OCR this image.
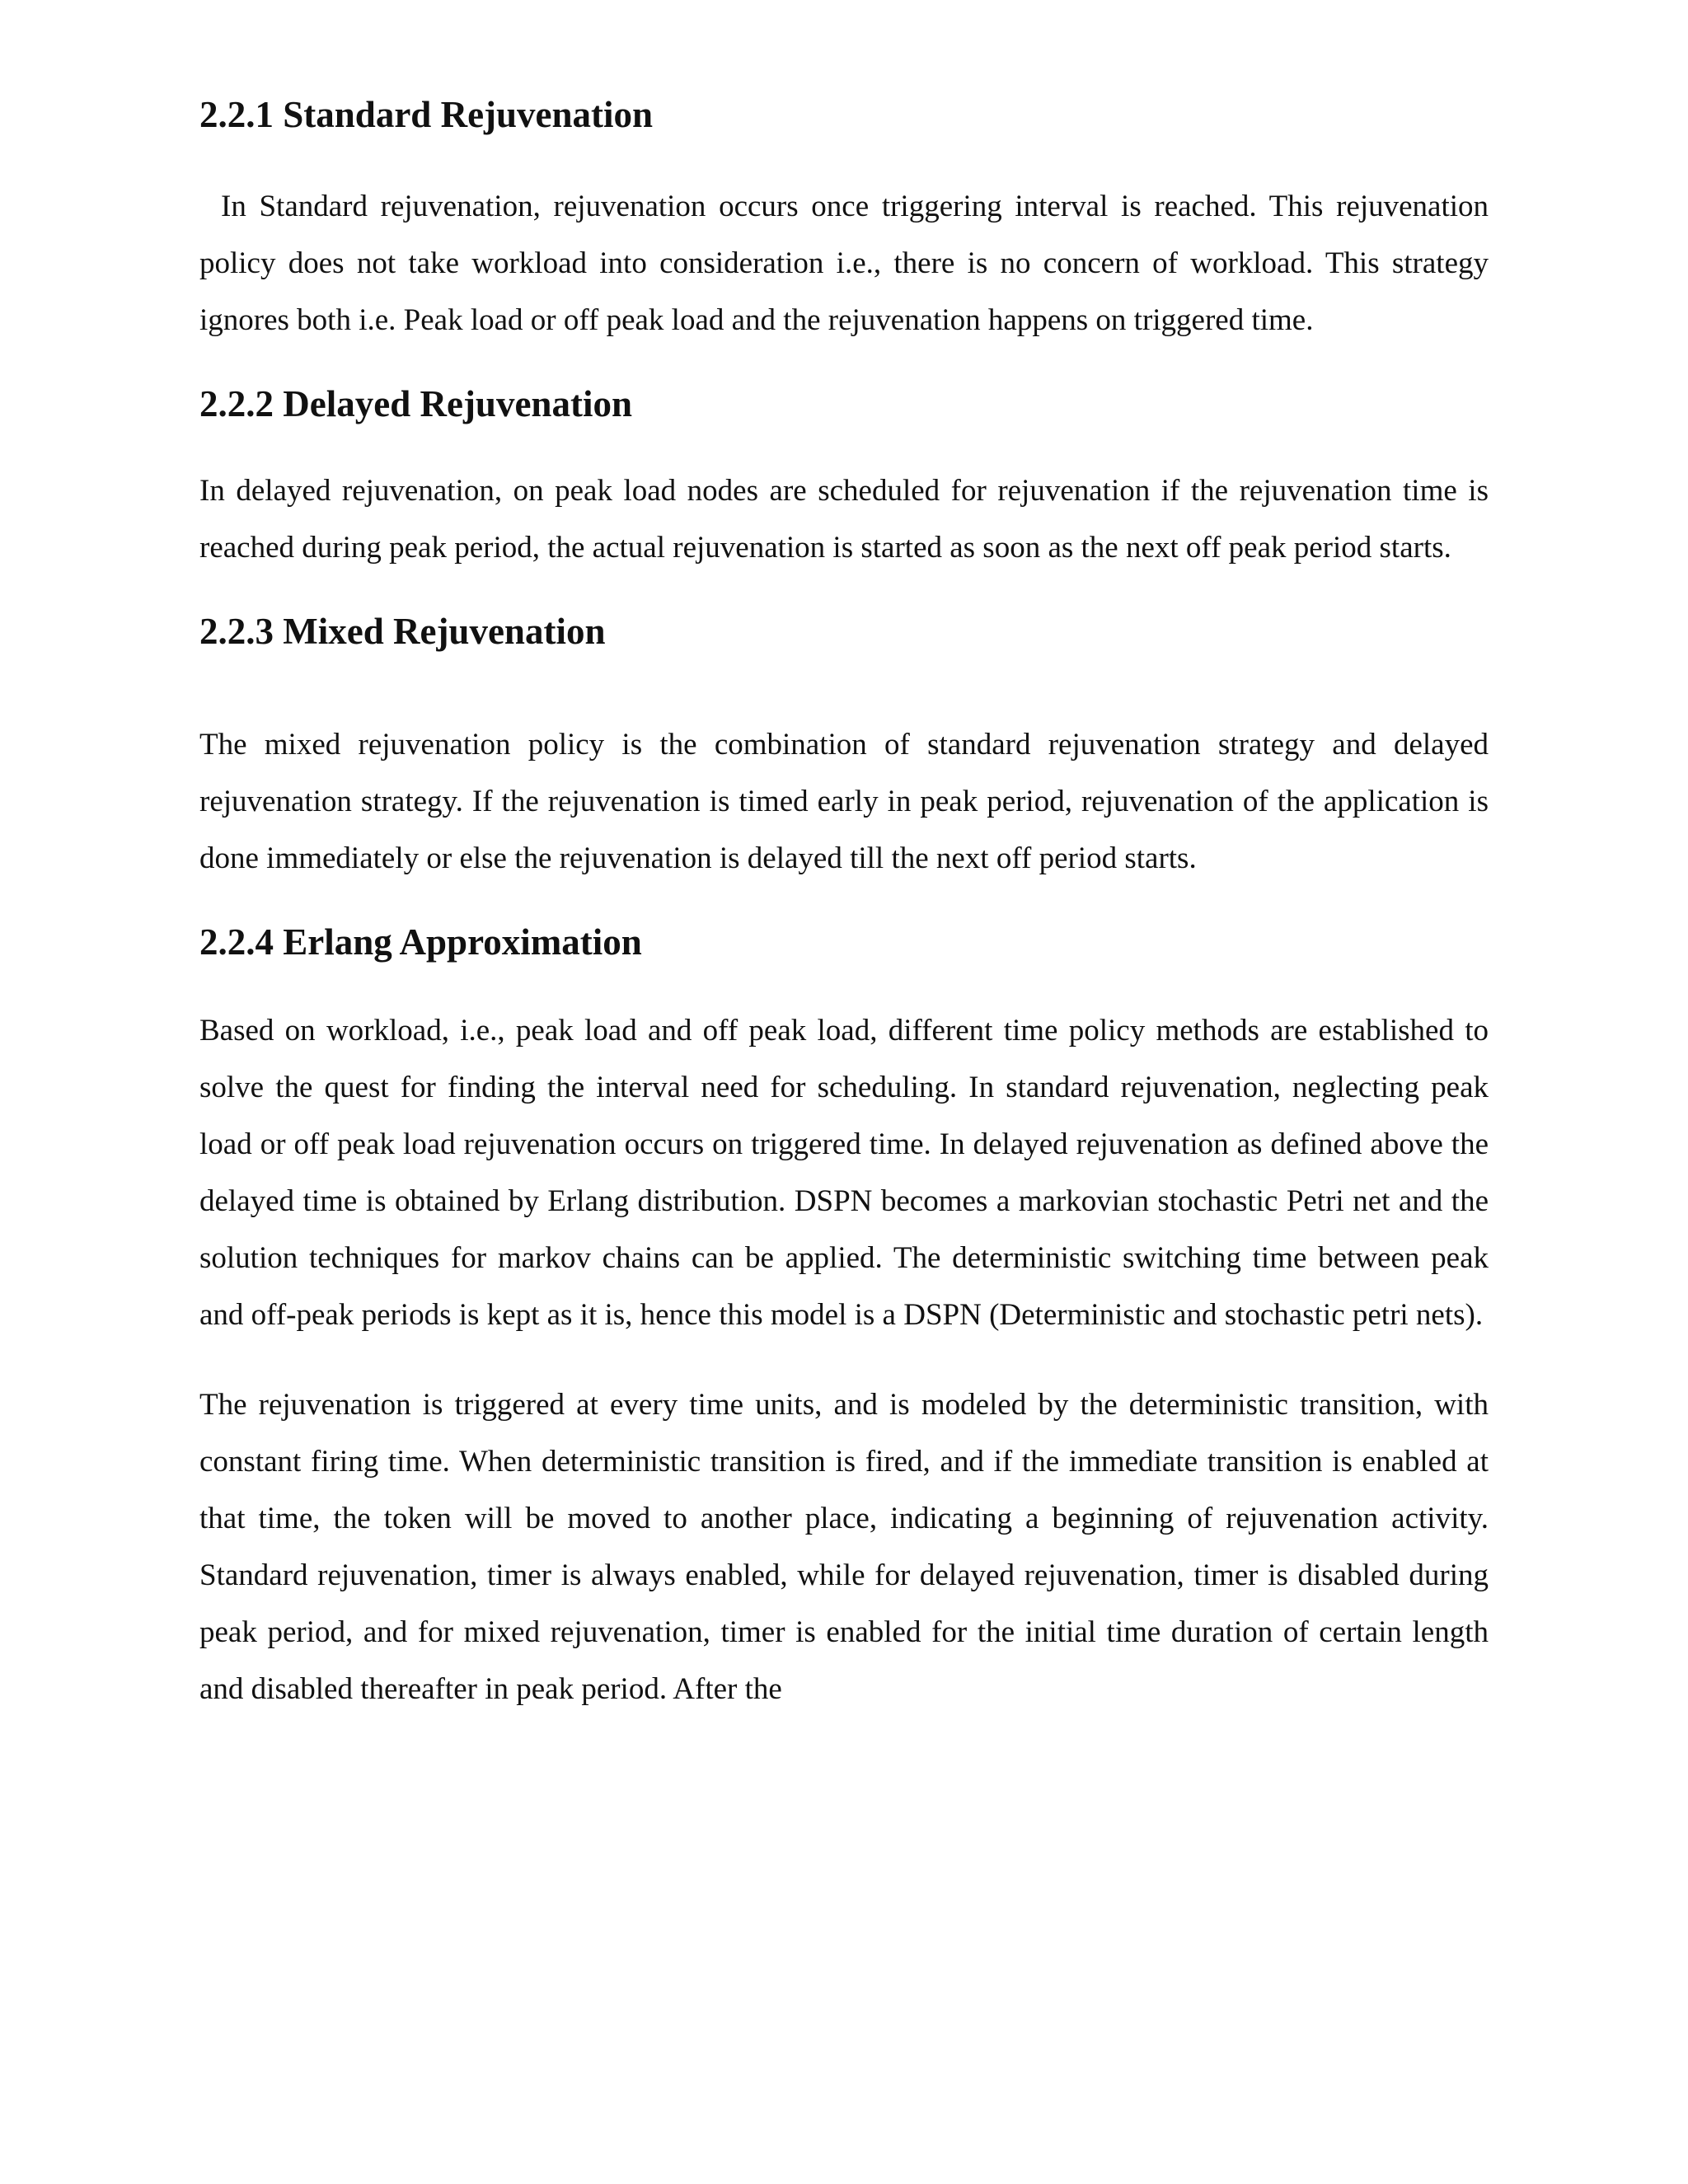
2.2.1 Standard Rejuvenation

In Standard rejuvenation, rejuvenation occurs once triggering interval is reached. This rejuvenation policy does not take workload into consideration i.e., there is no concern of workload. This strategy ignores both i.e. Peak load or off peak load and the rejuvenation happens on triggered time.

2.2.2 Delayed Rejuvenation

In delayed rejuvenation, on peak load nodes are scheduled for rejuvenation if the rejuvenation time is reached during peak period, the actual rejuvenation is started as soon as the next off peak period starts.

2.2.3 Mixed Rejuvenation

The mixed rejuvenation policy is the combination of standard rejuvenation strategy and delayed rejuvenation strategy. If the rejuvenation is timed early in peak period, rejuvenation of the application is done immediately or else the rejuvenation is delayed till the next off period starts.

2.2.4 Erlang Approximation

Based on workload, i.e., peak load and off peak load, different time policy methods are established to solve the quest for finding the interval need for scheduling. In standard rejuvenation, neglecting peak load or off peak load rejuvenation occurs on triggered time. In delayed rejuvenation as defined above the delayed time is obtained by Erlang distribution. DSPN becomes a markovian stochastic Petri net and the solution techniques for markov chains can be applied. The deterministic switching time between peak and off-peak periods is kept as it is, hence this model is a DSPN (Deterministic and stochastic petri nets).

The rejuvenation is triggered at every time units, and is modeled by the deterministic transition, with constant firing time. When deterministic transition is fired, and if the immediate transition is enabled at that time, the token will be moved to another place, indicating a beginning of rejuvenation activity. Standard rejuvenation, timer is always enabled, while for delayed rejuvenation, timer is disabled during peak period, and for mixed rejuvenation, timer is enabled for the initial time duration of certain length and disabled thereafter in peak period. After the
